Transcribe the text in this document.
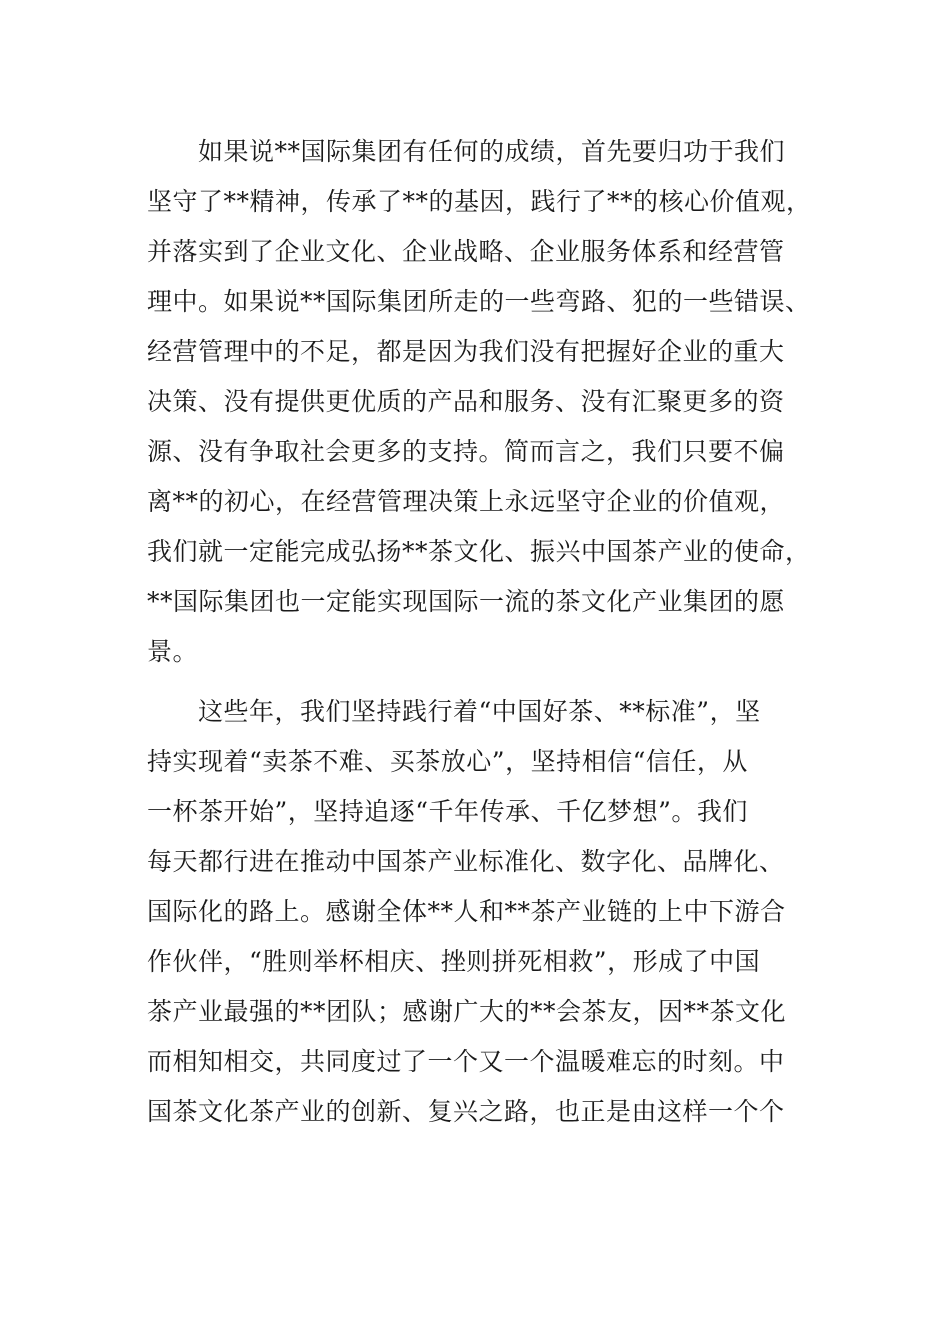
　　如果说**国际集团有任何的成绩，首先要归功于我们
坚守了**精神，传承了**的基因，践行了**的核心价值观，
并落实到了企业文化、企业战略、企业服务体系和经营管
理中。如果说**国际集团所走的一些弯路、犯的一些错误、
经营管理中的不足，都是因为我们没有把握好企业的重大
决策、没有提供更优质的产品和服务、没有汇聚更多的资
源、没有争取社会更多的支持。简而言之，我们只要不偏
离**的初心，在经营管理决策上永远坚守企业的价值观，
我们就一定能完成弘扬**茶文化、振兴中国茶产业的使命，
**国际集团也一定能实现国际一流的茶文化产业集团的愿
景。
　　这些年，我们坚持践行着“中国好茶、**标准”，坚
持实现着“卖茶不难、买茶放心”，坚持相信“信任，从
一杯茶开始”，坚持追逐“千年传承、千亿梦想”。我们
每天都行进在推动中国茶产业标准化、数字化、品牌化、
国际化的路上。感谢全体**人和**茶产业链的上中下游合
作伙伴，“胜则举杯相庆、挫则拼死相救”，形成了中国
茶产业最强的**团队；感谢广大的**会茶友，因**茶文化
而相知相交，共同度过了一个又一个温暖难忘的时刻。中
国茶文化茶产业的创新、复兴之路，也正是由这样一个个
